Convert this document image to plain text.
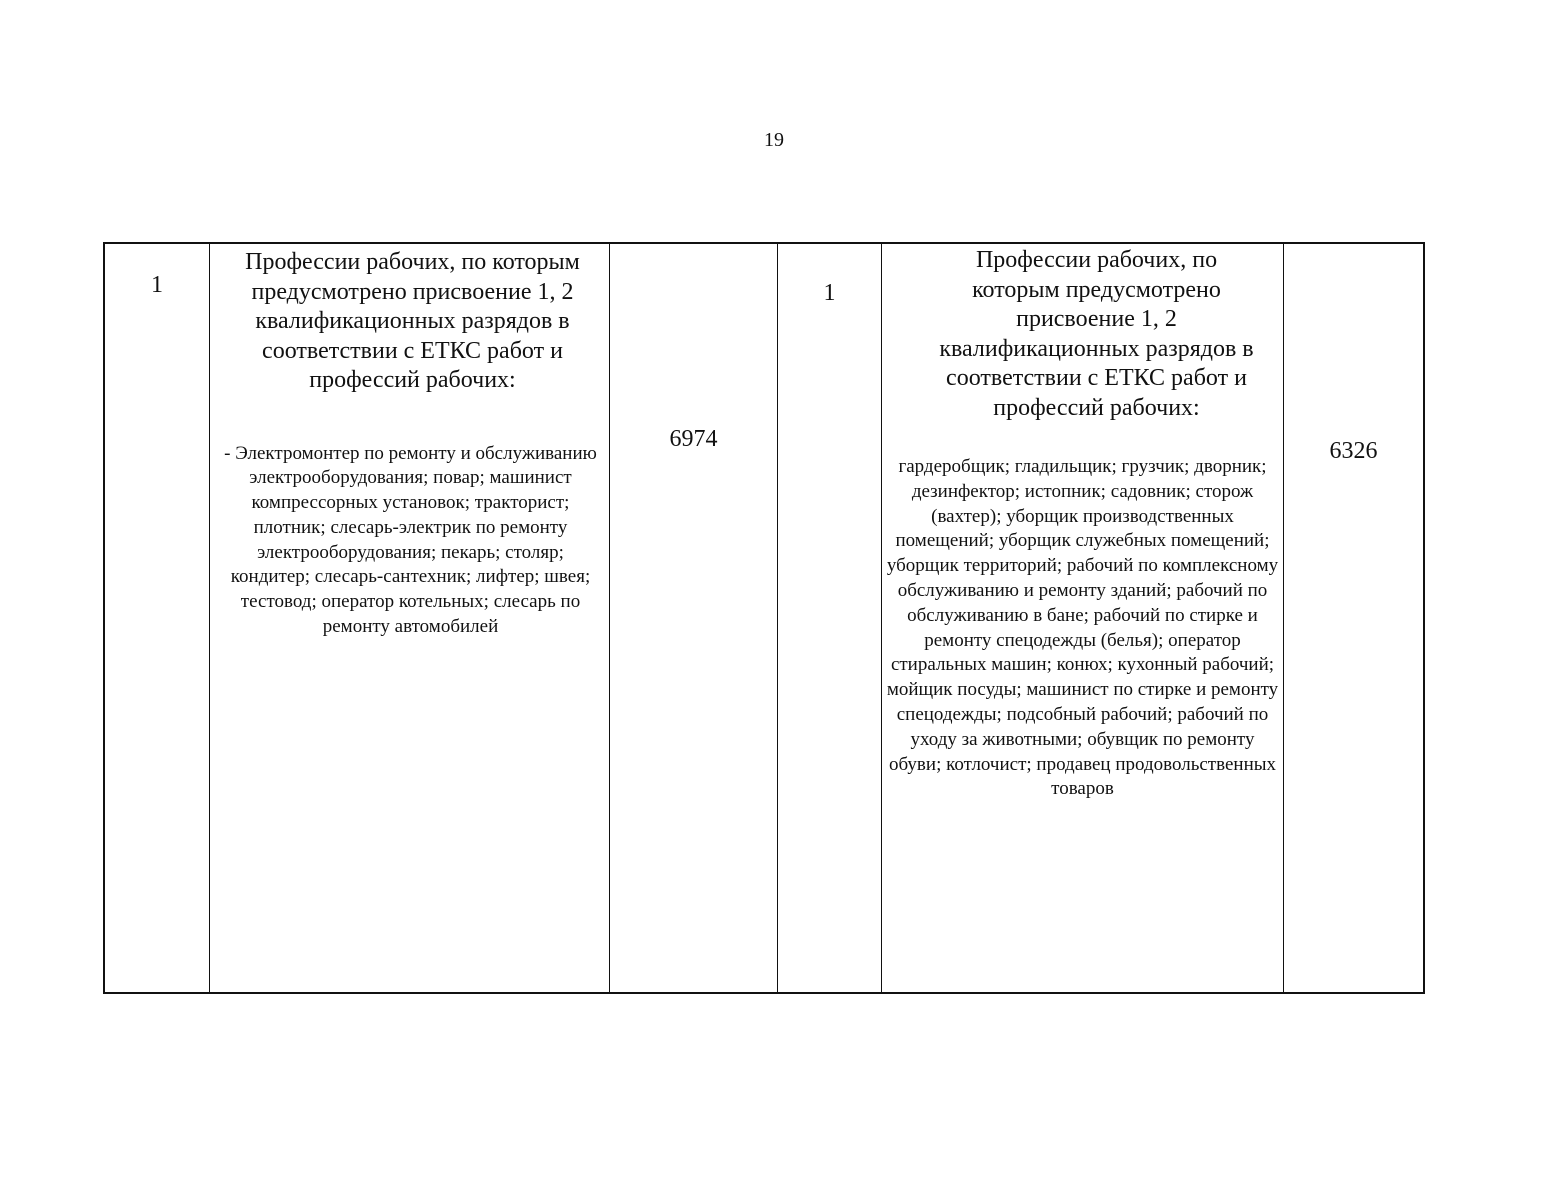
19
1

Профессии рабочих, по которым предусмотрено присвоение 1, 2 квалификационных разрядов в соответствии с ЕТКС работ и профессий рабочих:

- Электромонтер по ремонту и обслуживанию электрооборудования; повар; машинист компрессорных установок; тракторист; плотник; слесарь-электрик по ремонту электрооборудования; пекарь; столяр; кондитер; слесарь-сантехник; лифтер; швея; тестовод; оператор котельных; слесарь по ремонту автомобилей

6974
1

Профессии рабочих, по которым предусмотрено присвоение 1, 2 квалификационных разрядов в соответствии с ЕТКС работ и профессий рабочих:

гардеробщик; гладильщик; грузчик; дворник; дезинфектор; истопник; садовник; сторож (вахтер); уборщик производственных помещений; уборщик служебных помещений; уборщик территорий; рабочий по комплексному обслуживанию и ремонту зданий; рабочий по обслуживанию в бане; рабочий по стирке и ремонту спецодежды (белья); оператор стиральных машин; конюх; кухонный рабочий; мойщик посуды; машинист по стирке и ремонту спецодежды; подсобный рабочий; рабочий по уходу за животными; обувщик по ремонту обуви; котлочист; продавец продовольственных товаров

6326
